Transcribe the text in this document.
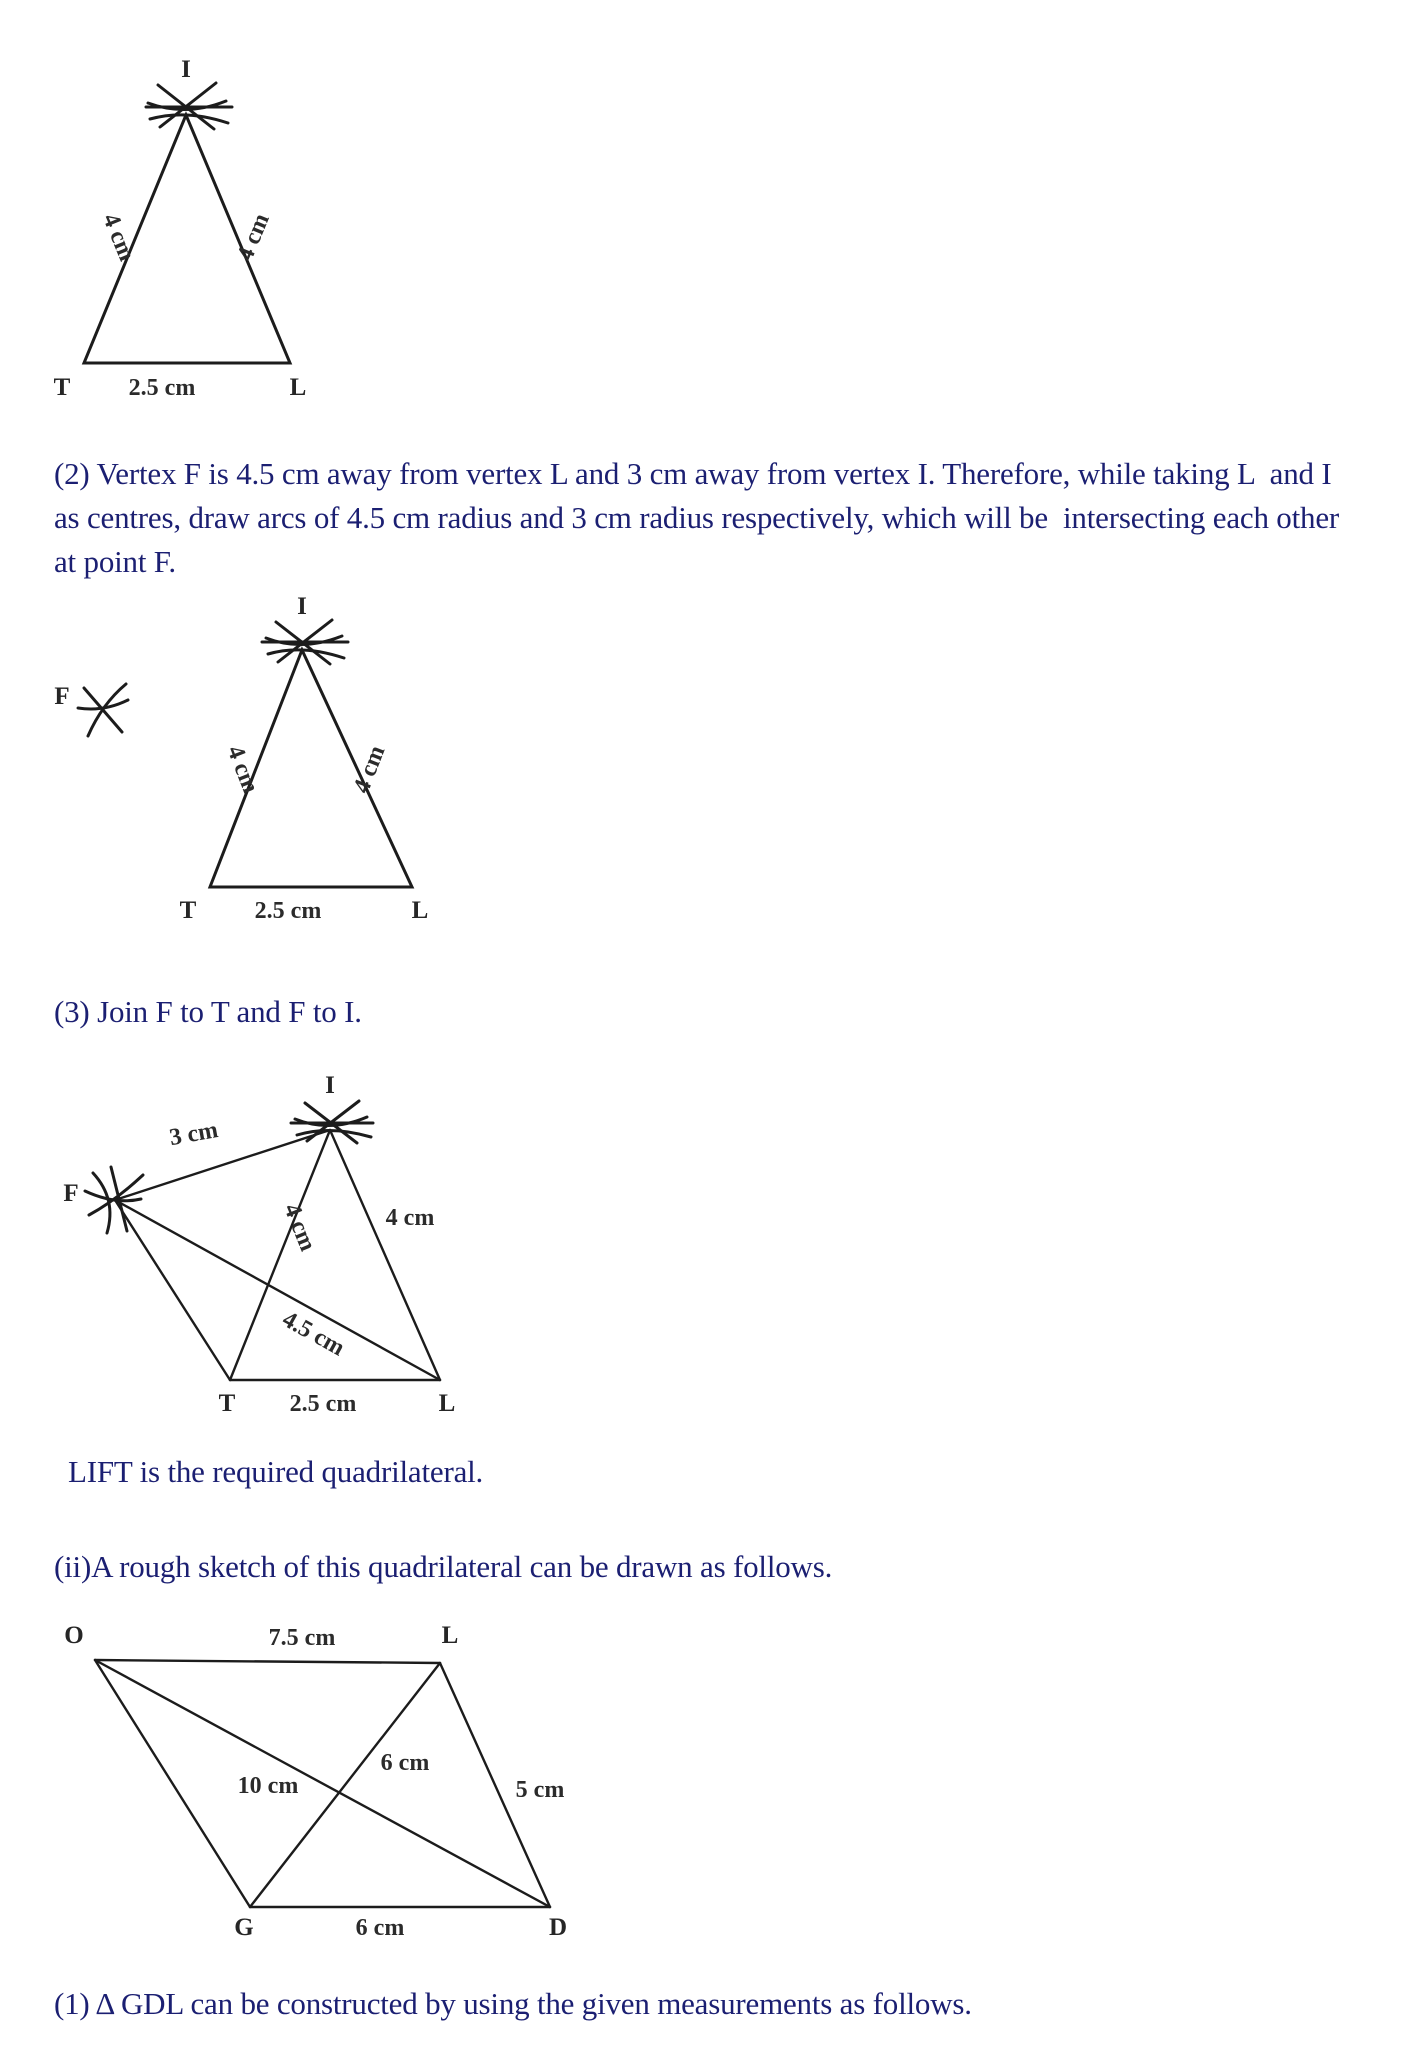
I
T	L
4 cm	4 cm
2.5 cm
(2) Vertex F is 4.5 cm away from vertex L and 3 cm away from vertex I. Therefore, while taking L  and I as centres, draw arcs of 4.5 cm radius and 3 cm radius respectively, which will be  intersecting each other at point F.
I
F
T	L
4 cm	4 cm
2.5 cm
(3) Join F to T and F to I.
I
F
T	L
3 cm
4 cm
4 cm
4.5 cm
2.5 cm
LIFT is the required quadrilateral.
(ii)A rough sketch of this quadrilateral can be drawn as follows.
O	L
G	D
7.5 cm
6 cm
5 cm
10 cm
6 cm
(1) Δ GDL can be constructed by using the given measurements as follows.
